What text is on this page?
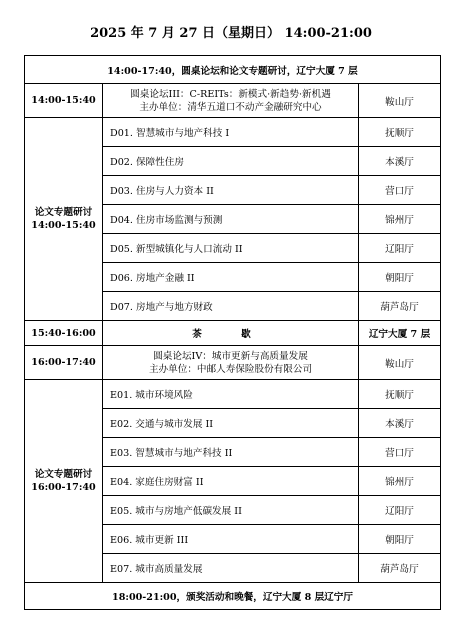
2025 年 7 月 27 日（星期日） 14:00-21:00
14:00-17:40，圆桌论坛和论文专题研讨，辽宁大厦 7 层		
14:00-15:40	圆桌论坛III：C-REITs：新模式·新趋势·新机遇
主办单位：清华五道口不动产金融研究中心	鞍山厅

论文专题研讨
14:00-15:40	D01. 智慧城市与地产科技 I	抚顺厅
	D02. 保障性住房	本溪厅
	D03. 住房与人力资本 II	营口厅
	D04. 住房市场监测与预测	锦州厅
	D05. 新型城镇化与人口流动 II	辽阳厅
	D06. 房地产金融 II	朝阳厅
	D07. 房地产与地方财政	葫芦岛厅
15:40-16:00	茶 歇	辽宁大厦 7 层
16:00-17:40	圆桌论坛IV：城市更新与高质量发展
主办单位：中邮人寿保险股份有限公司	鞍山厅

论文专题研讨
16:00-17:40	E01. 城市环境风险	抚顺厅
	E02. 交通与城市发展 II	本溪厅
	E03. 智慧城市与地产科技 II	营口厅
	E04. 家庭住房财富 II	锦州厅
	E05. 城市与房地产低碳发展 II	辽阳厅
	E06. 城市更新 III	朝阳厅
	E07. 城市高质量发展	葫芦岛厅
18:00-21:00，颁奖活动和晚餐，辽宁大厦 8 层辽宁厅		
